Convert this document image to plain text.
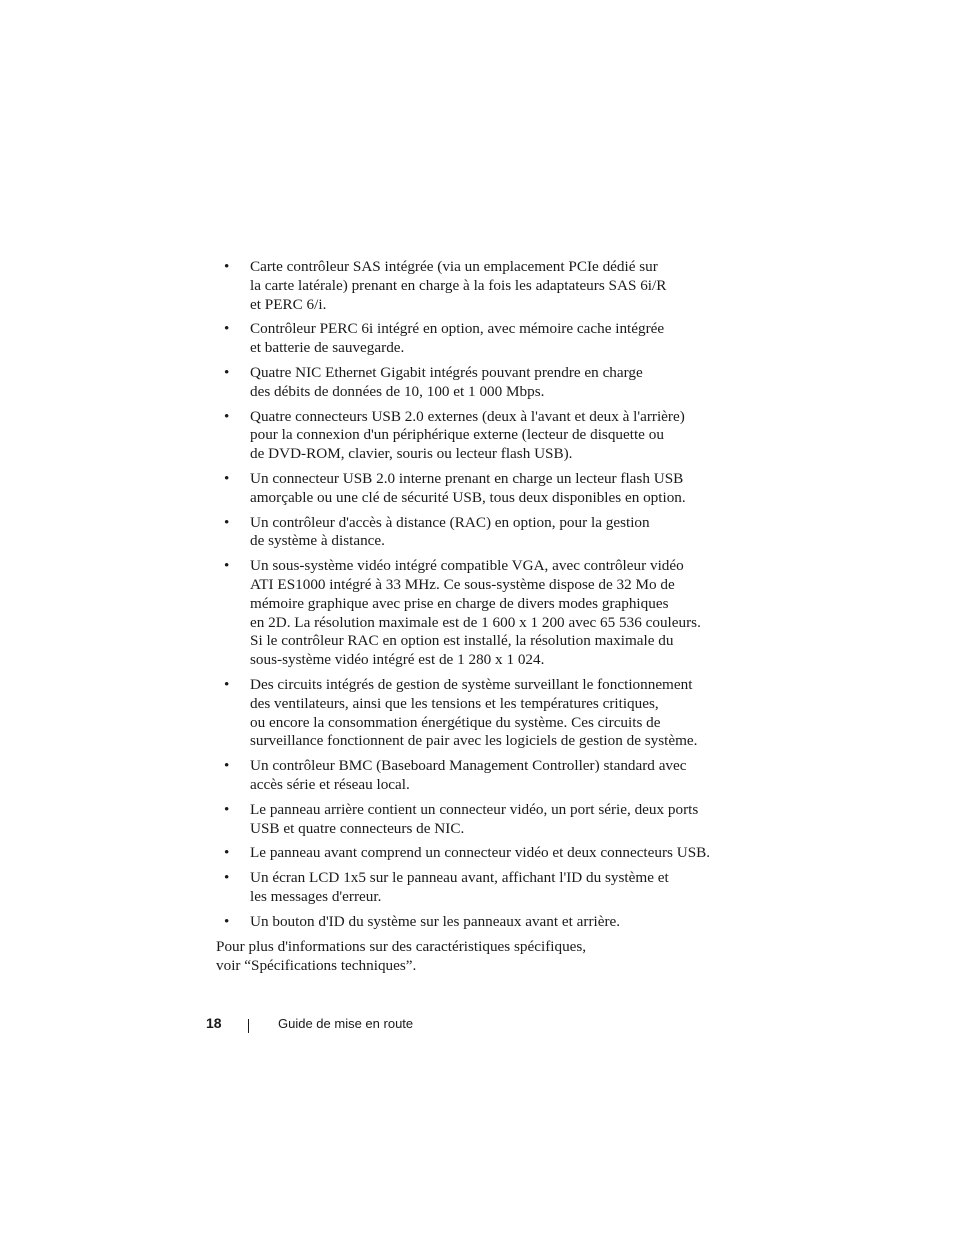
•	Carte contrôleur SAS intégrée (via un emplacement PCIe dédié sur
la carte latérale) prenant en charge à la fois les adaptateurs SAS 6i/R
et PERC 6/i.
•	Contrôleur PERC 6i intégré en option, avec mémoire cache intégrée
et batterie de sauvegarde.
•	Quatre NIC Ethernet Gigabit intégrés pouvant prendre en charge
des débits de données de 10, 100 et 1 000 Mbps.
•	Quatre connecteurs USB 2.0 externes (deux à l'avant et deux à l'arrière)
pour la connexion d'un périphérique externe (lecteur de disquette ou
de DVD-ROM, clavier, souris ou lecteur flash USB).
•	Un connecteur USB 2.0 interne prenant en charge un lecteur flash USB
amorçable ou une clé de sécurité USB, tous deux disponibles en option.
•	Un contrôleur d'accès à distance (RAC) en option, pour la gestion
de système à distance.
•	Un sous-système vidéo intégré compatible VGA, avec contrôleur vidéo
ATI ES1000 intégré à 33 MHz. Ce sous-système dispose de 32 Mo de
mémoire graphique avec prise en charge de divers modes graphiques
en 2D. La résolution maximale est de 1 600 x 1 200 avec 65 536 couleurs.
Si le contrôleur RAC en option est installé, la résolution maximale du
sous-système vidéo intégré est de 1 280 x 1 024.
•	Des circuits intégrés de gestion de système surveillant le fonctionnement
des ventilateurs, ainsi que les tensions et les températures critiques,
ou encore la consommation énergétique du système. Ces circuits de
surveillance fonctionnent de pair avec les logiciels de gestion de système.
•	Un contrôleur BMC (Baseboard Management Controller) standard avec
accès série et réseau local.
•	Le panneau arrière contient un connecteur vidéo, un port série, deux ports
USB et quatre connecteurs de NIC.
•	Le panneau avant comprend un connecteur vidéo et deux connecteurs USB.
•	Un écran LCD 1x5 sur le panneau avant, affichant l'ID du système et
les messages d'erreur.
•	Un bouton d'ID du système sur les panneaux avant et arrière.
Pour plus d'informations sur des caractéristiques spécifiques,
voir “Spécifications techniques”.
18	Guide de mise en route
